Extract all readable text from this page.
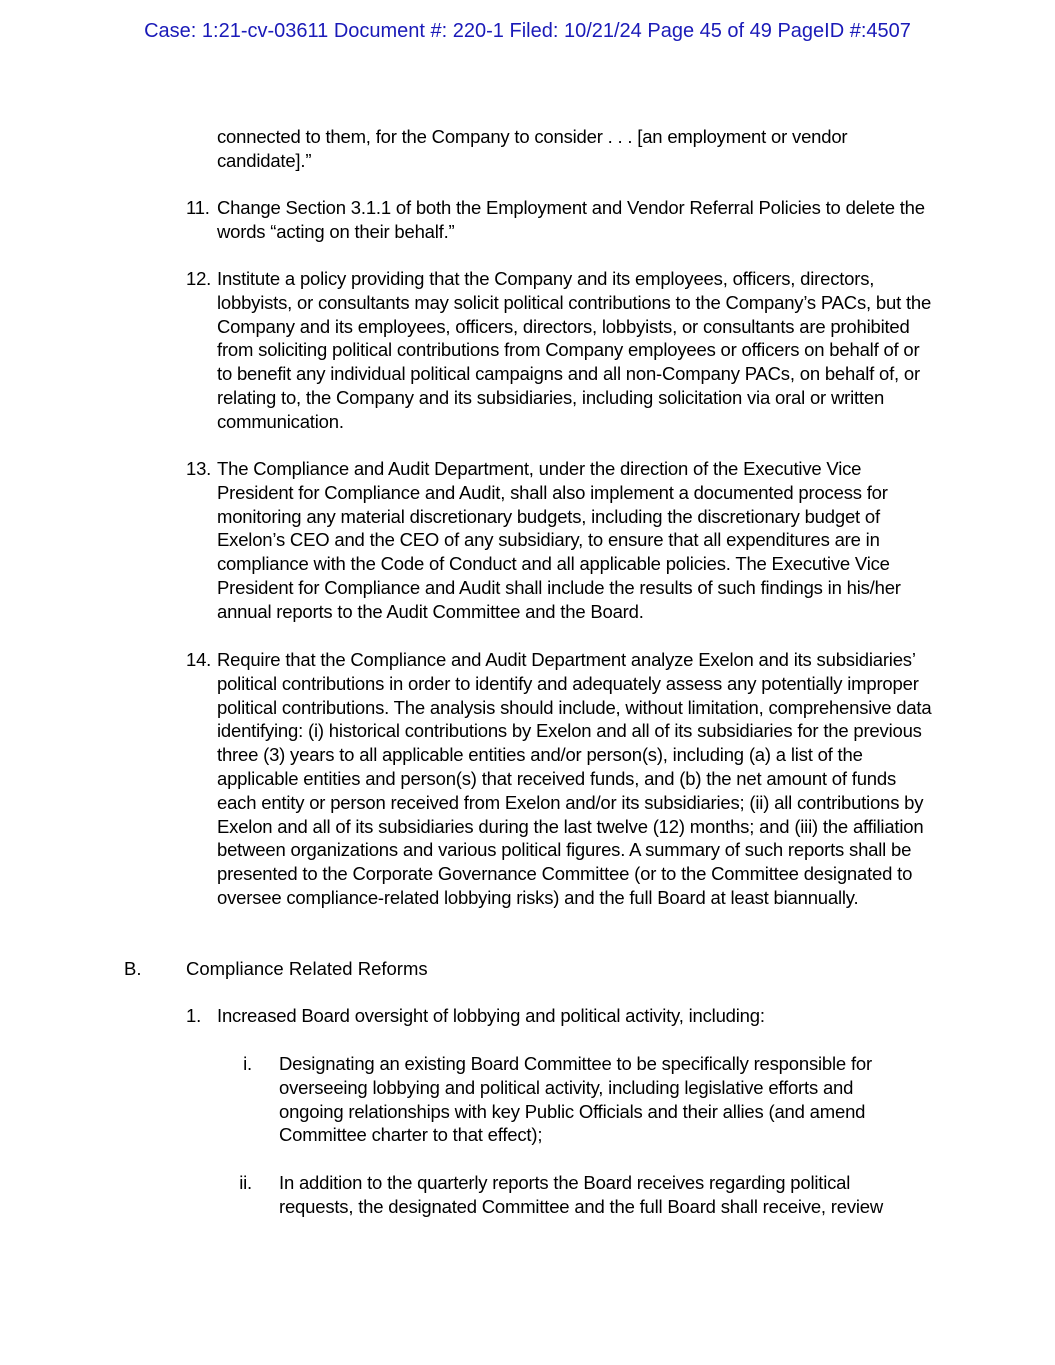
Case: 1:21-cv-03611 Document #: 220-1 Filed: 10/21/24 Page 45 of 49 PageID #:4507
connected to them, for the Company to consider . . . [an employment or vendor candidate].”
11. Change Section 3.1.1 of both the Employment and Vendor Referral Policies to delete the words “acting on their behalf.”
12. Institute a policy providing that the Company and its employees, officers, directors, lobbyists, or consultants may solicit political contributions to the Company’s PACs, but the Company and its employees, officers, directors, lobbyists, or consultants are prohibited from soliciting political contributions from Company employees or officers on behalf of or to benefit any individual political campaigns and all non-Company PACs, on behalf of, or relating to, the Company and its subsidiaries, including solicitation via oral or written communication.
13. The Compliance and Audit Department, under the direction of the Executive Vice President for Compliance and Audit, shall also implement a documented process for monitoring any material discretionary budgets, including the discretionary budget of Exelon’s CEO and the CEO of any subsidiary, to ensure that all expenditures are in compliance with the Code of Conduct and all applicable policies. The Executive Vice President for Compliance and Audit shall include the results of such findings in his/her annual reports to the Audit Committee and the Board.
14. Require that the Compliance and Audit Department analyze Exelon and its subsidiaries’ political contributions in order to identify and adequately assess any potentially improper political contributions. The analysis should include, without limitation, comprehensive data identifying: (i) historical contributions by Exelon and all of its subsidiaries for the previous three (3) years to all applicable entities and/or person(s), including (a) a list of the applicable entities and person(s) that received funds, and (b) the net amount of funds each entity or person received from Exelon and/or its subsidiaries; (ii) all contributions by Exelon and all of its subsidiaries during the last twelve (12) months; and (iii) the affiliation between organizations and various political figures. A summary of such reports shall be presented to the Corporate Governance Committee (or to the Committee designated to oversee compliance-related lobbying risks) and the full Board at least biannually.
B. Compliance Related Reforms
1. Increased Board oversight of lobbying and political activity, including:
i. Designating an existing Board Committee to be specifically responsible for overseeing lobbying and political activity, including legislative efforts and ongoing relationships with key Public Officials and their allies (and amend Committee charter to that effect);
ii. In addition to the quarterly reports the Board receives regarding political requests, the designated Committee and the full Board shall receive, review
